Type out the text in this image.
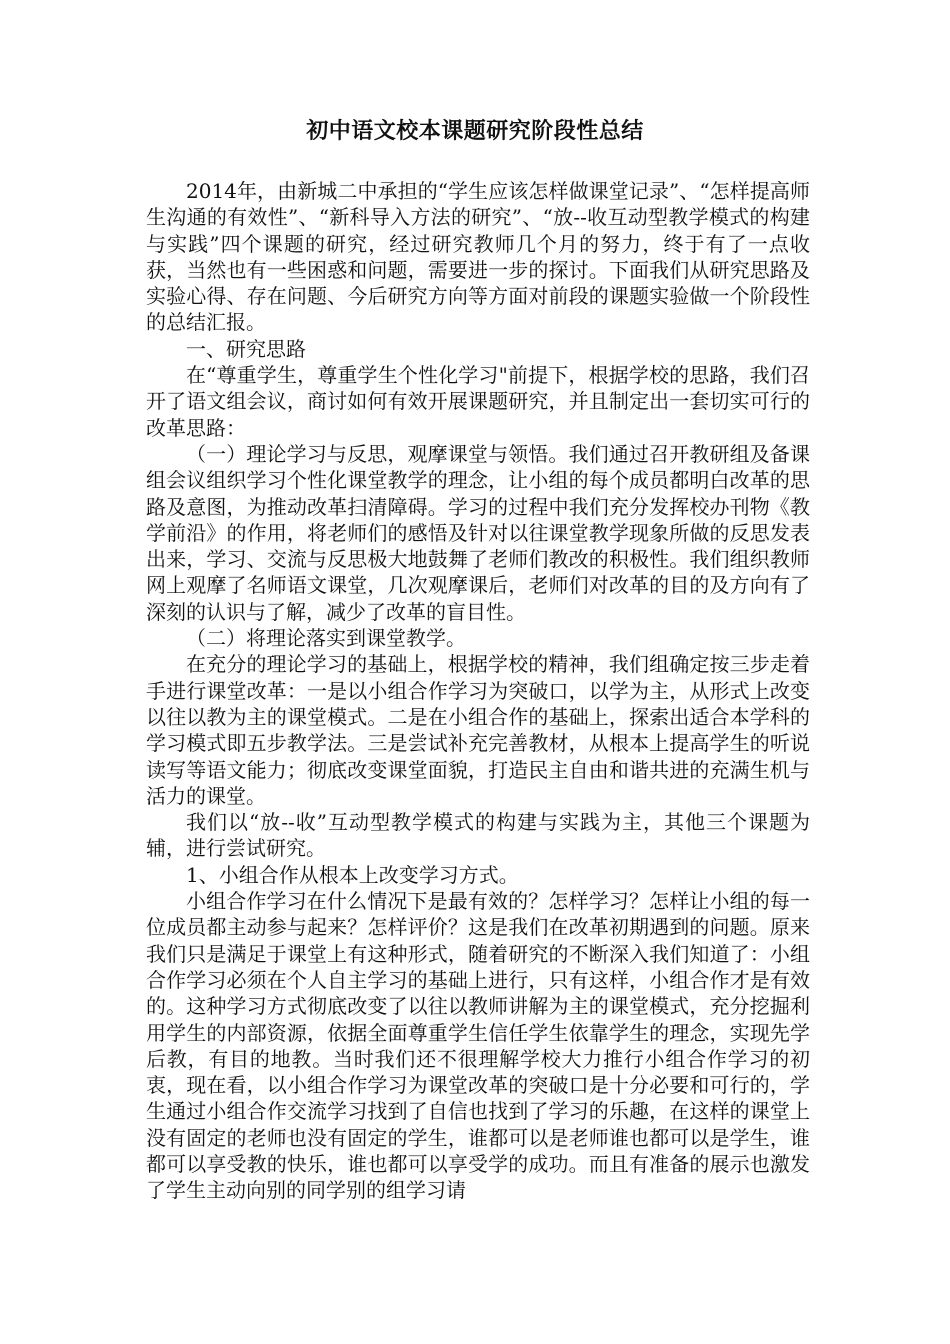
初中语文校本课题研究阶段性总结

2014年，由新城二中承担的“学生应该怎样做课堂记录”、“怎样提高师生沟通的有效性”、“新科导入方法的研究”、“放--收互动型教学模式的构建与实践”四个课题的研究，经过研究教师几个月的努力，终于有了一点收获，当然也有一些困惑和问题，需要进一步的探讨。下面我们从研究思路及实验心得、存在问题、今后研究方向等方面对前段的课题实验做一个阶段性的总结汇报。

一、研究思路

在“尊重学生，尊重学生个性化学习"前提下，根据学校的思路，我们召开了语文组会议，商讨如何有效开展课题研究，并且制定出一套切实可行的改革思路：

（一）理论学习与反思，观摩课堂与领悟。我们通过召开教研组及备课组会议组织学习个性化课堂教学的理念，让小组的每个成员都明白改革的思路及意图，为推动改革扫清障碍。学习的过程中我们充分发挥校办刊物《教学前沿》的作用，将老师们的感悟及针对以往课堂教学现象所做的反思发表出来，学习、交流与反思极大地鼓舞了老师们教改的积极性。我们组织教师网上观摩了名师语文课堂，几次观摩课后，老师们对改革的目的及方向有了深刻的认识与了解，减少了改革的盲目性。

（二）将理论落实到课堂教学。

在充分的理论学习的基础上，根据学校的精神，我们组确定按三步走着手进行课堂改革：一是以小组合作学习为突破口，以学为主，从形式上改变以往以教为主的课堂模式。二是在小组合作的基础上，探索出适合本学科的学习模式即五步教学法。三是尝试补充完善教材，从根本上提高学生的听说读写等语文能力；彻底改变课堂面貌，打造民主自由和谐共进的充满生机与活力的课堂。

我们以“放--收”互动型教学模式的构建与实践为主，其他三个课题为辅，进行尝试研究。

1、小组合作从根本上改变学习方式。

小组合作学习在什么情况下是最有效的？怎样学习？怎样让小组的每一位成员都主动参与起来？怎样评价？这是我们在改革初期遇到的问题。原来我们只是满足于课堂上有这种形式，随着研究的不断深入我们知道了：小组合作学习必须在个人自主学习的基础上进行，只有这样，小组合作才是有效的。这种学习方式彻底改变了以往以教师讲解为主的课堂模式，充分挖掘利用学生的内部资源，依据全面尊重学生信任学生依靠学生的理念，实现先学后教，有目的地教。当时我们还不很理解学校大力推行小组合作学习的初衷，现在看，以小组合作学习为课堂改革的突破口是十分必要和可行的，学生通过小组合作交流学习找到了自信也找到了学习的乐趣，在这样的课堂上没有固定的老师也没有固定的学生，谁都可以是老师谁也都可以是学生，谁都可以享受教的快乐，谁也都可以享受学的成功。而且有准备的展示也激发了学生主动向别的同学别的组学习请
